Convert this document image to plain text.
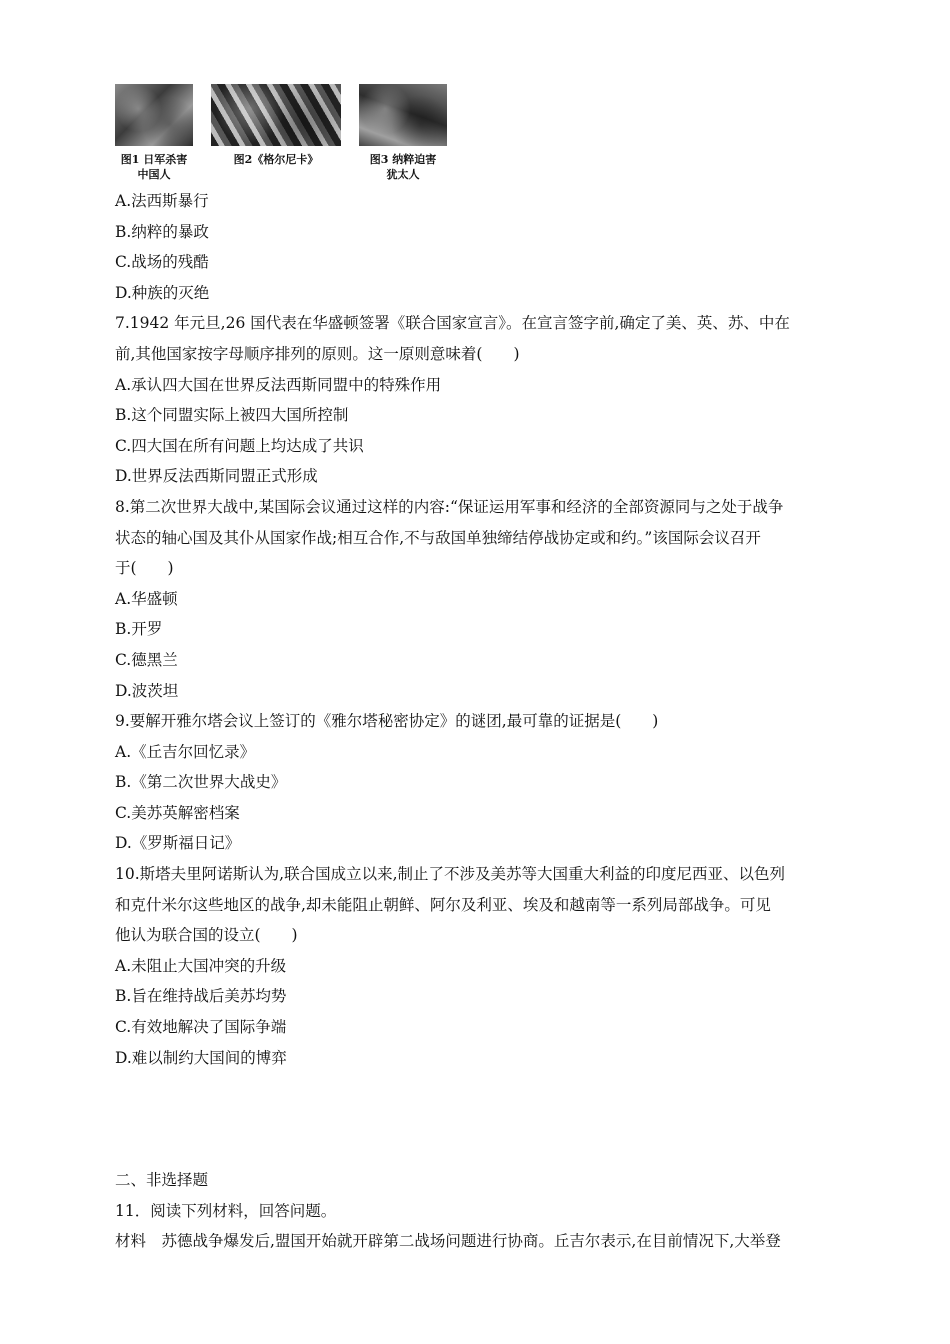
图1 日军杀害
中国人
图2《格尔尼卡》	图3 纳粹迫害
犹太人
A.法西斯暴行
B.纳粹的暴政
C.战场的残酷
D.种族的灭绝
7.1942 年元旦,26 国代表在华盛顿签署《联合国家宣言》。在宣言签字前,确定了美、英、苏、中在
前,其他国家按字母顺序排列的原则。这一原则意味着(　　)
A.承认四大国在世界反法西斯同盟中的特殊作用
B.这个同盟实际上被四大国所控制
C.四大国在所有问题上均达成了共识
D.世界反法西斯同盟正式形成
8.第二次世界大战中,某国际会议通过这样的内容:“保证运用军事和经济的全部资源同与之处于战争
状态的轴心国及其仆从国家作战;相互合作,不与敌国单独缔结停战协定或和约。”该国际会议召开
于(　　)
A.华盛顿
B.开罗
C.德黑兰
D.波茨坦
9.要解开雅尔塔会议上签订的《雅尔塔秘密协定》的谜团,最可靠的证据是(　　)
A.《丘吉尔回忆录》
B.《第二次世界大战史》
C.美苏英解密档案
D.《罗斯福日记》
10.斯塔夫里阿诺斯认为,联合国成立以来,制止了不涉及美苏等大国重大利益的印度尼西亚、以色列
和克什米尔这些地区的战争,却未能阻止朝鲜、阿尔及利亚、埃及和越南等一系列局部战争。可见
他认为联合国的设立(　　)
A.未阻止大国冲突的升级
B.旨在维持战后美苏均势
C.有效地解决了国际争端
D.难以制约大国间的博弈
二、非选择题
11．阅读下列材料，回答问题。
材料　苏德战争爆发后,盟国开始就开辟第二战场问题进行协商。丘吉尔表示,在目前情况下,大举登
